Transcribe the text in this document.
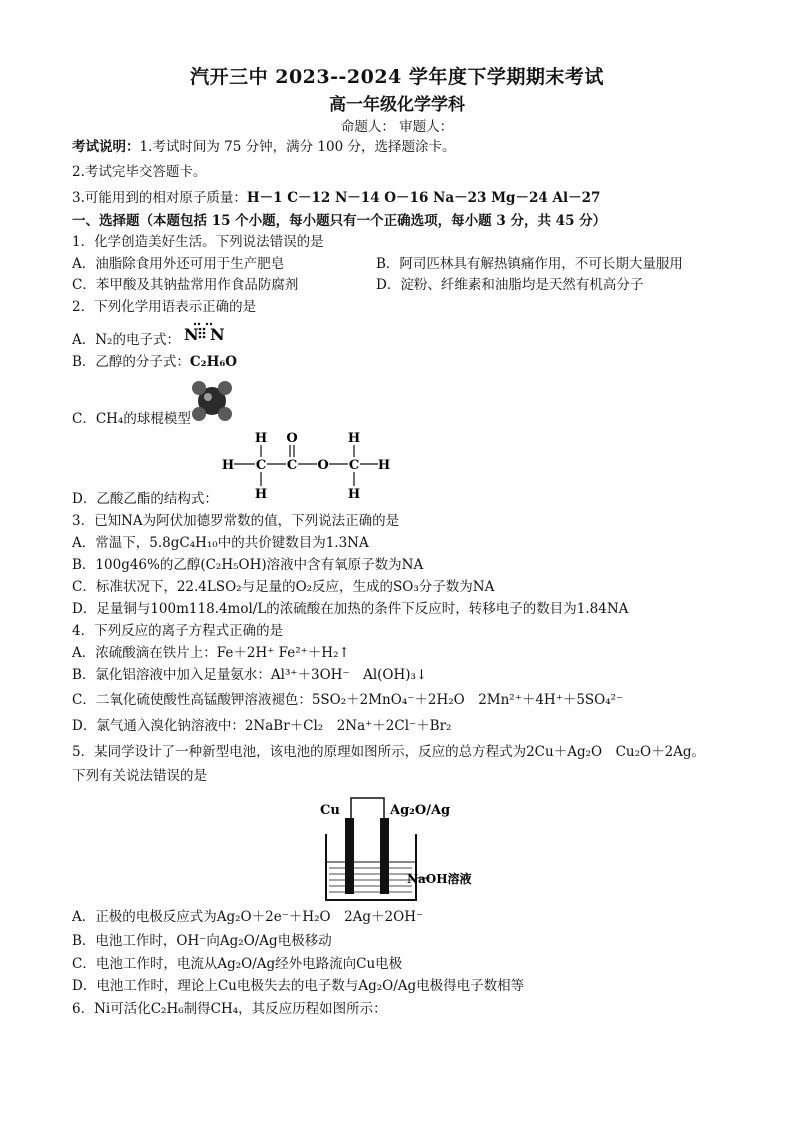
汽开三中 2023--2024 学年度下学期期末考试
高一年级化学学科
命题人： 审题人：
考试说明：1.考试时间为 75 分钟，满分 100 分，选择题涂卡。
2.考试完毕交答题卡。
3.可能用到的相对原子质量：H－1 C－12 N－14 O－16 Na－23 Mg－24 Al－27
一、选择题（本题包括 15 个小题，每小题只有一个正确选项，每小题 3 分，共 45 分）
1．化学创造美好生活。下列说法错误的是
A．油脂除食用外还可用于生产肥皂	B．阿司匹林具有解热镇痛作用，不可长期大量服用
C．苯甲酸及其钠盐常用作食品防腐剂	D．淀粉、纤维素和油脂均是天然有机高分子
2．下列化学用语表示正确的是
A．N₂的电子式： N N
B．乙醇的分子式：C₂H₆O
C．CH₄的球棍模型
H	H
O
H	H
C C O C
H	H
D．乙酸乙酯的结构式：
3．已知NA为阿伏加德罗常数的值，下列说法正确的是
A．常温下，5.8gC₄H₁₀中的共价键数目为1.3NA
B．100g46%的乙醇(C₂H₅OH)溶液中含有氧原子数为NA
C．标准状况下，22.4LSO₂与足量的O₂反应，生成的SO₃分子数为NA
D．足量铜与100m118.4mol/L的浓硫酸在加热的条件下反应时，转移电子的数目为1.84NA
4．下列反应的离子方程式正确的是
A．浓硫酸滴在铁片上：Fe＋2H⁺ Fe²⁺＋H₂↑
B．氯化铝溶液中加入足量氨水：Al³⁺＋3OH⁻　Al(OH)₃↓
C．二氧化硫使酸性高锰酸钾溶液褪色：5SO₂＋2MnO₄⁻＋2H₂O　2Mn²⁺＋4H⁺＋5SO₄²⁻
D．氯气通入溴化钠溶液中：2NaBr＋Cl₂　2Na⁺＋2Cl⁻＋Br₂
5．某同学设计了一种新型电池，该电池的原理如图所示，反应的总方程式为2Cu＋Ag₂O　Cu₂O＋2Ag。
下列有关说法错误的是
Cu	Ag₂O/Ag
NaOH溶液
A．正极的电极反应式为Ag₂O＋2e⁻＋H₂O　2Ag＋2OH⁻
B．电池工作时，OH⁻向Ag₂O/Ag电极移动
C．电池工作时，电流从Ag₂O/Ag经外电路流向Cu电极
D．电池工作时，理论上Cu电极失去的电子数与Ag₂O/Ag电极得电子数相等
6．Ni可活化C₂H₆制得CH₄，其反应历程如图所示：
